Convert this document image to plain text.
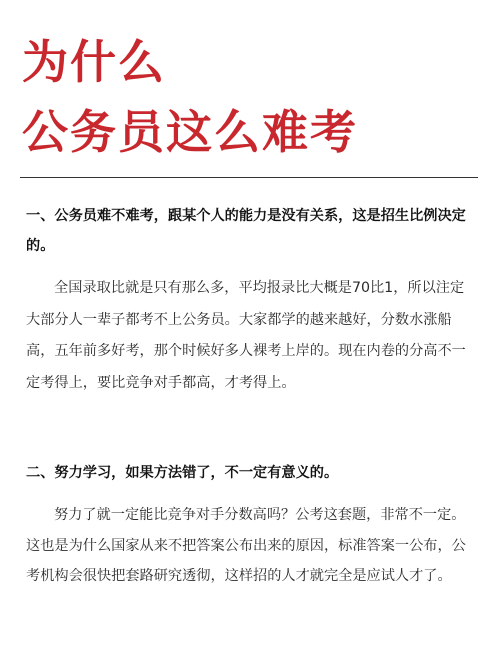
为什么
公务员这么难考
一、公务员难不难考，跟某个人的能力是没有关系，这是招生比例决定的。
全国录取比就是只有那么多，平均报录比大概是70比1，所以注定大部分人一辈子都考不上公务员。大家都学的越来越好，分数水涨船高，五年前多好考，那个时候好多人裸考上岸的。现在内卷的分高不一定考得上，要比竞争对手都高，才考得上。
二、努力学习，如果方法错了，不一定有意义的。
努力了就一定能比竞争对手分数高吗？公考这套题，非常不一定。这也是为什么国家从来不把答案公布出来的原因，标准答案一公布，公考机构会很快把套路研究透彻，这样招的人才就完全是应试人才了。
